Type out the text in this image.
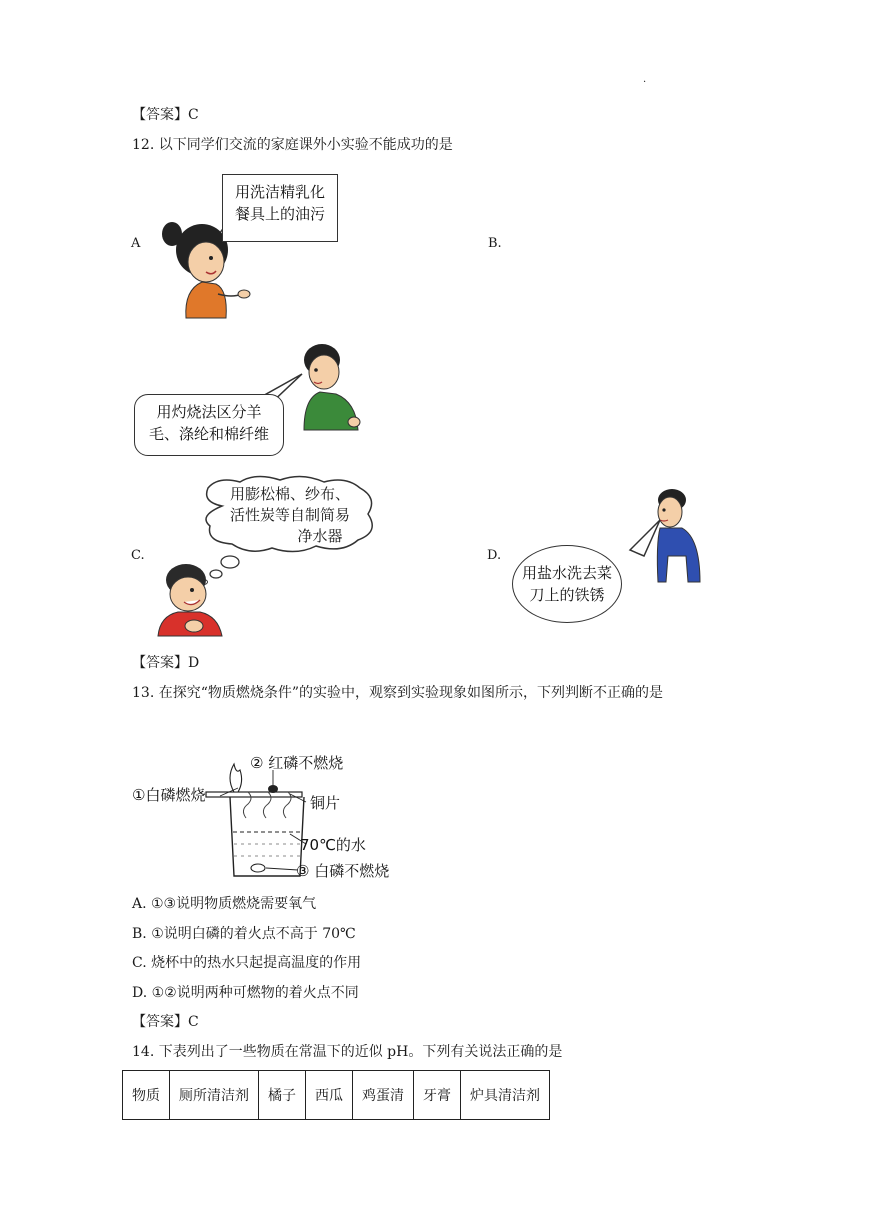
.
【答案】C
12. 以下同学们交流的家庭课外小实验不能成功的是
A	B.
C.	D.
用洗洁精乳化
餐具上的油污
用灼烧法区分羊
毛、涤纶和棉纤维
用膨松棉、纱布、
活性炭等自制简易
净水器
用盐水洗去菜
刀上的铁锈
【答案】D
13. 在探究“物质燃烧条件”的实验中，观察到实验现象如图所示，下列判断不正确的是
①白磷燃烧
② 红磷不燃烧
铜片
70℃的水
③ 白磷不燃烧
A. ①③说明物质燃烧需要氧气
B. ①说明白磷的着火点不高于 70℃
C. 烧杯中的热水只起提高温度的作用
D. ①②说明两种可燃物的着火点不同
【答案】C
14. 下表列出了一些物质在常温下的近似 pH。下列有关说法正确的是
物质	厕所清洁剂	橘子	西瓜	鸡蛋清	牙膏	炉具清洁剂
